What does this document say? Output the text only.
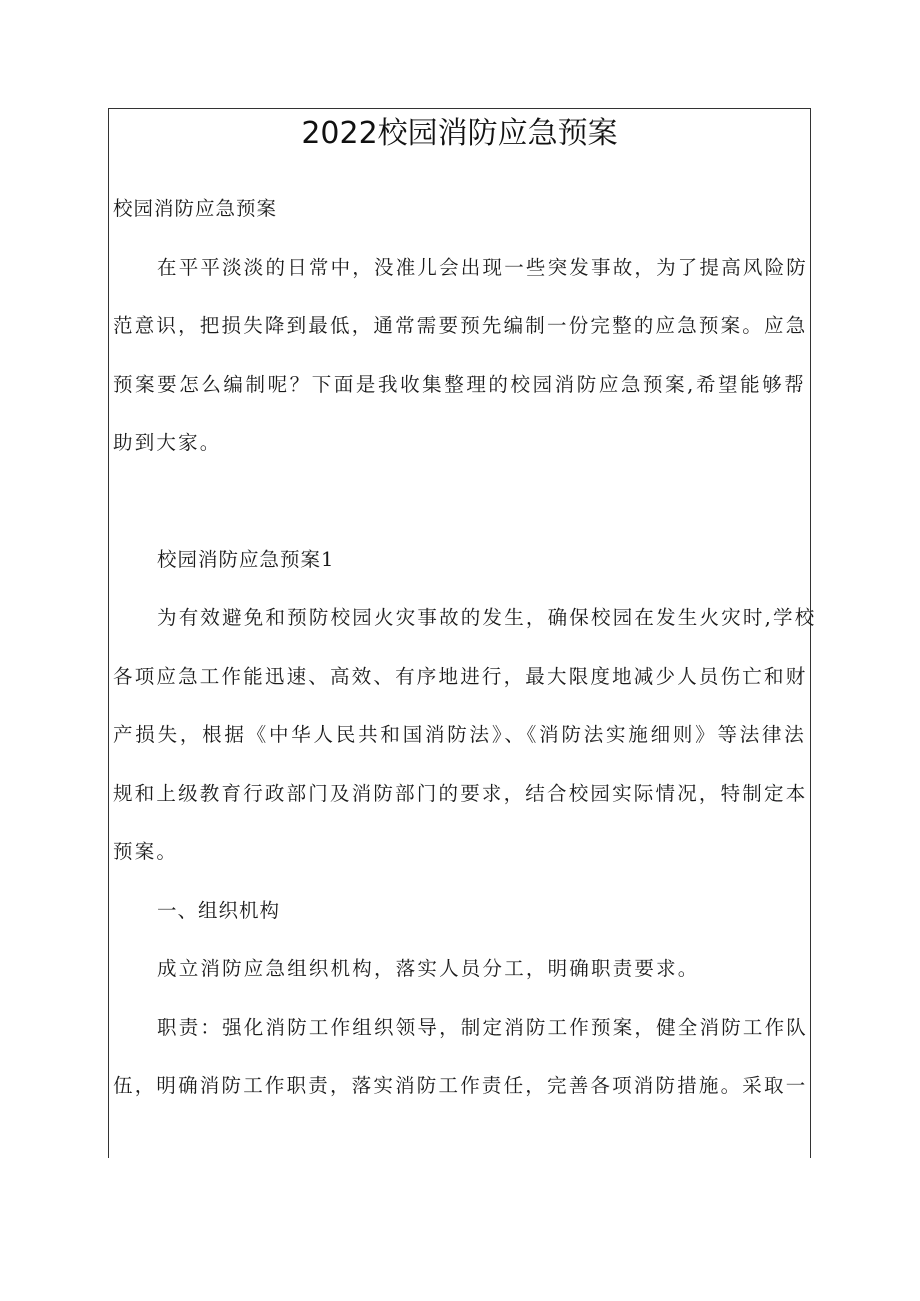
2022校园消防应急预案

校园消防应急预案

在平平淡淡的日常中，没准儿会出现一些突发事故，为了提高风险防
范意识，把损失降到最低，通常需要预先编制一份完整的应急预案。应急
预案要怎么编制呢？下面是我收集整理的校园消防应急预案,希望能够帮
助到大家。

校园消防应急预案1

为有效避免和预防校园火灾事故的发生，确保校园在发生火灾时,学校
各项应急工作能迅速、高效、有序地进行，最大限度地减少人员伤亡和财
产损失，根据《中华人民共和国消防法》、《消防法实施细则》等法律法
规和上级教育行政部门及消防部门的要求，结合校园实际情况，特制定本
预案。

一、组织机构

成立消防应急组织机构，落实人员分工，明确职责要求。

职责：强化消防工作组织领导，制定消防工作预案，健全消防工作队
伍，明确消防工作职责，落实消防工作责任，完善各项消防措施。采取一
